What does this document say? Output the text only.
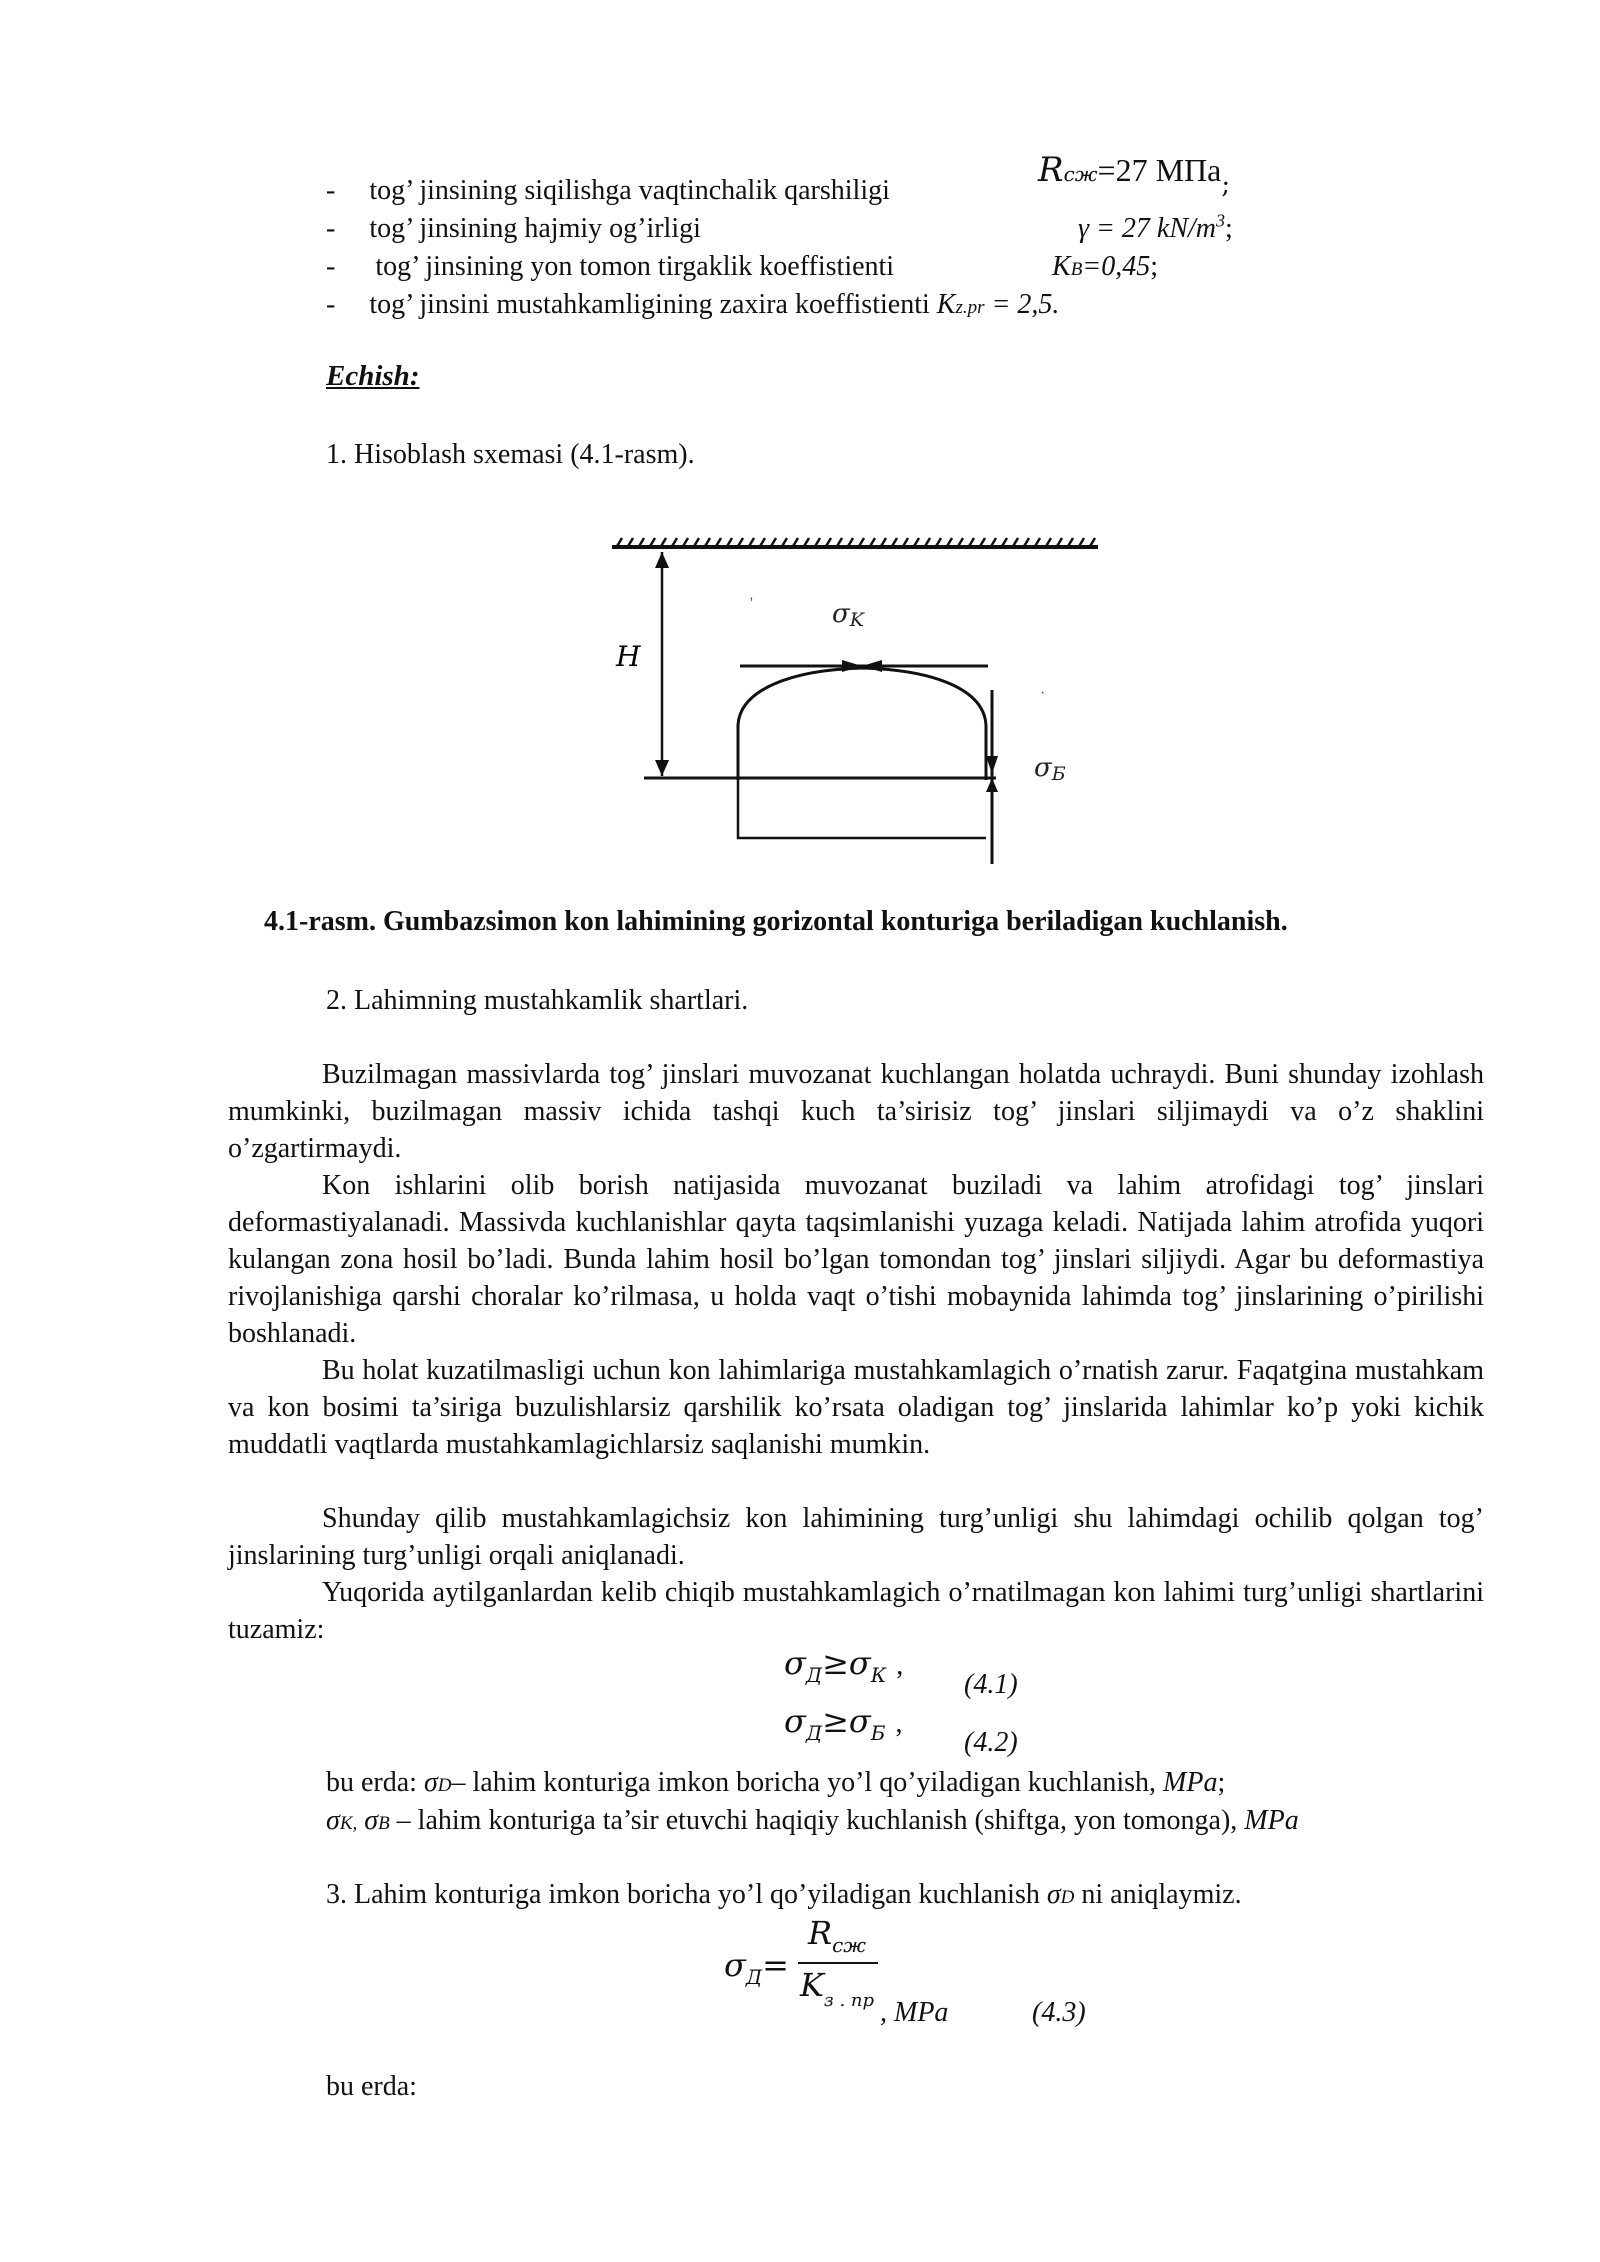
- tog’ jinsining siqilishga vaqtinchalik qarshiligi
Rсж=27 МПа$_;$
- tog’ jinsining hajmiy og’irligi	γ = 27 $kN/m^3$;
- tog’ jinsining yon tomon tirgaklik koeffistienti	KB=0,45;
- tog’ jinsini mustahkamligining zaxira koeffistienti Kz.pr = 2,5.
Echish:
1. Hisoblash sxemasi (4.1-rasm).
H
'
·
σK
σБ
4.1-rasm. Gumbazsimon kon lahimining gorizontal konturiga beriladigan kuchlanish.
2. Lahimning mustahkamlik shartlari.
Buzilmagan massivlarda tog’ jinslari muvozanat kuchlangan holatda uchraydi. Buni shunday izohlash mumkinki, buzilmagan massiv ichida tashqi kuch ta’sirisiz tog’ jinslari siljimaydi va o’z shaklini o’zgartirmaydi.
Kon ishlarini olib borish natijasida muvozanat buziladi va lahim atrofidagi tog’ jinslari deformastiyalanadi. Massivda kuchlanishlar qayta taqsimlanishi yuzaga keladi. Natijada lahim atrofida yuqori kulangan zona hosil bo’ladi. Bunda lahim hosil bo’lgan tomondan tog’ jinslari siljiydi. Agar bu deformastiya rivojlanishiga qarshi choralar ko’rilmasa, u holda vaqt o’tishi mobaynida lahimda tog’ jinslarining o’pirilishi boshlanadi.
Bu holat kuzatilmasligi uchun kon lahimlariga mustahkamlagich o’rnatish zarur. Faqatgina mustahkam va kon bosimi ta’siriga buzulishlarsiz qarshilik ko’rsata oladigan tog’ jinslarida lahimlar ko’p yoki kichik muddatli vaqtlarda mustahkamlagichlarsiz saqlanishi mumkin.
Shunday qilib mustahkamlagichsiz kon lahimining turg’unligi shu lahimdagi ochilib qolgan tog’ jinslarining turg’unligi orqali aniqlanadi.
Yuqorida aytilganlardan kelib chiqib mustahkamlagich o’rnatilmagan kon lahimi turg’unligi shartlarini tuzamiz:
σД≥σК ,
(4.1)
σД≥σБ ,
(4.2)
bu erda: σD– lahim konturiga imkon boricha yo’l qo’yiladigan kuchlanish, MPa;
σK, σB – lahim konturiga ta’sir etuvchi haqiqiy kuchlanish (shiftga, yon tomonga), MPa
3. Lahim konturiga imkon boricha yo’l qo’yiladigan kuchlanish σD ni aniqlaymiz.
σД=
Rсж
Kз . пр , MPa	(4.3)
bu erda:
